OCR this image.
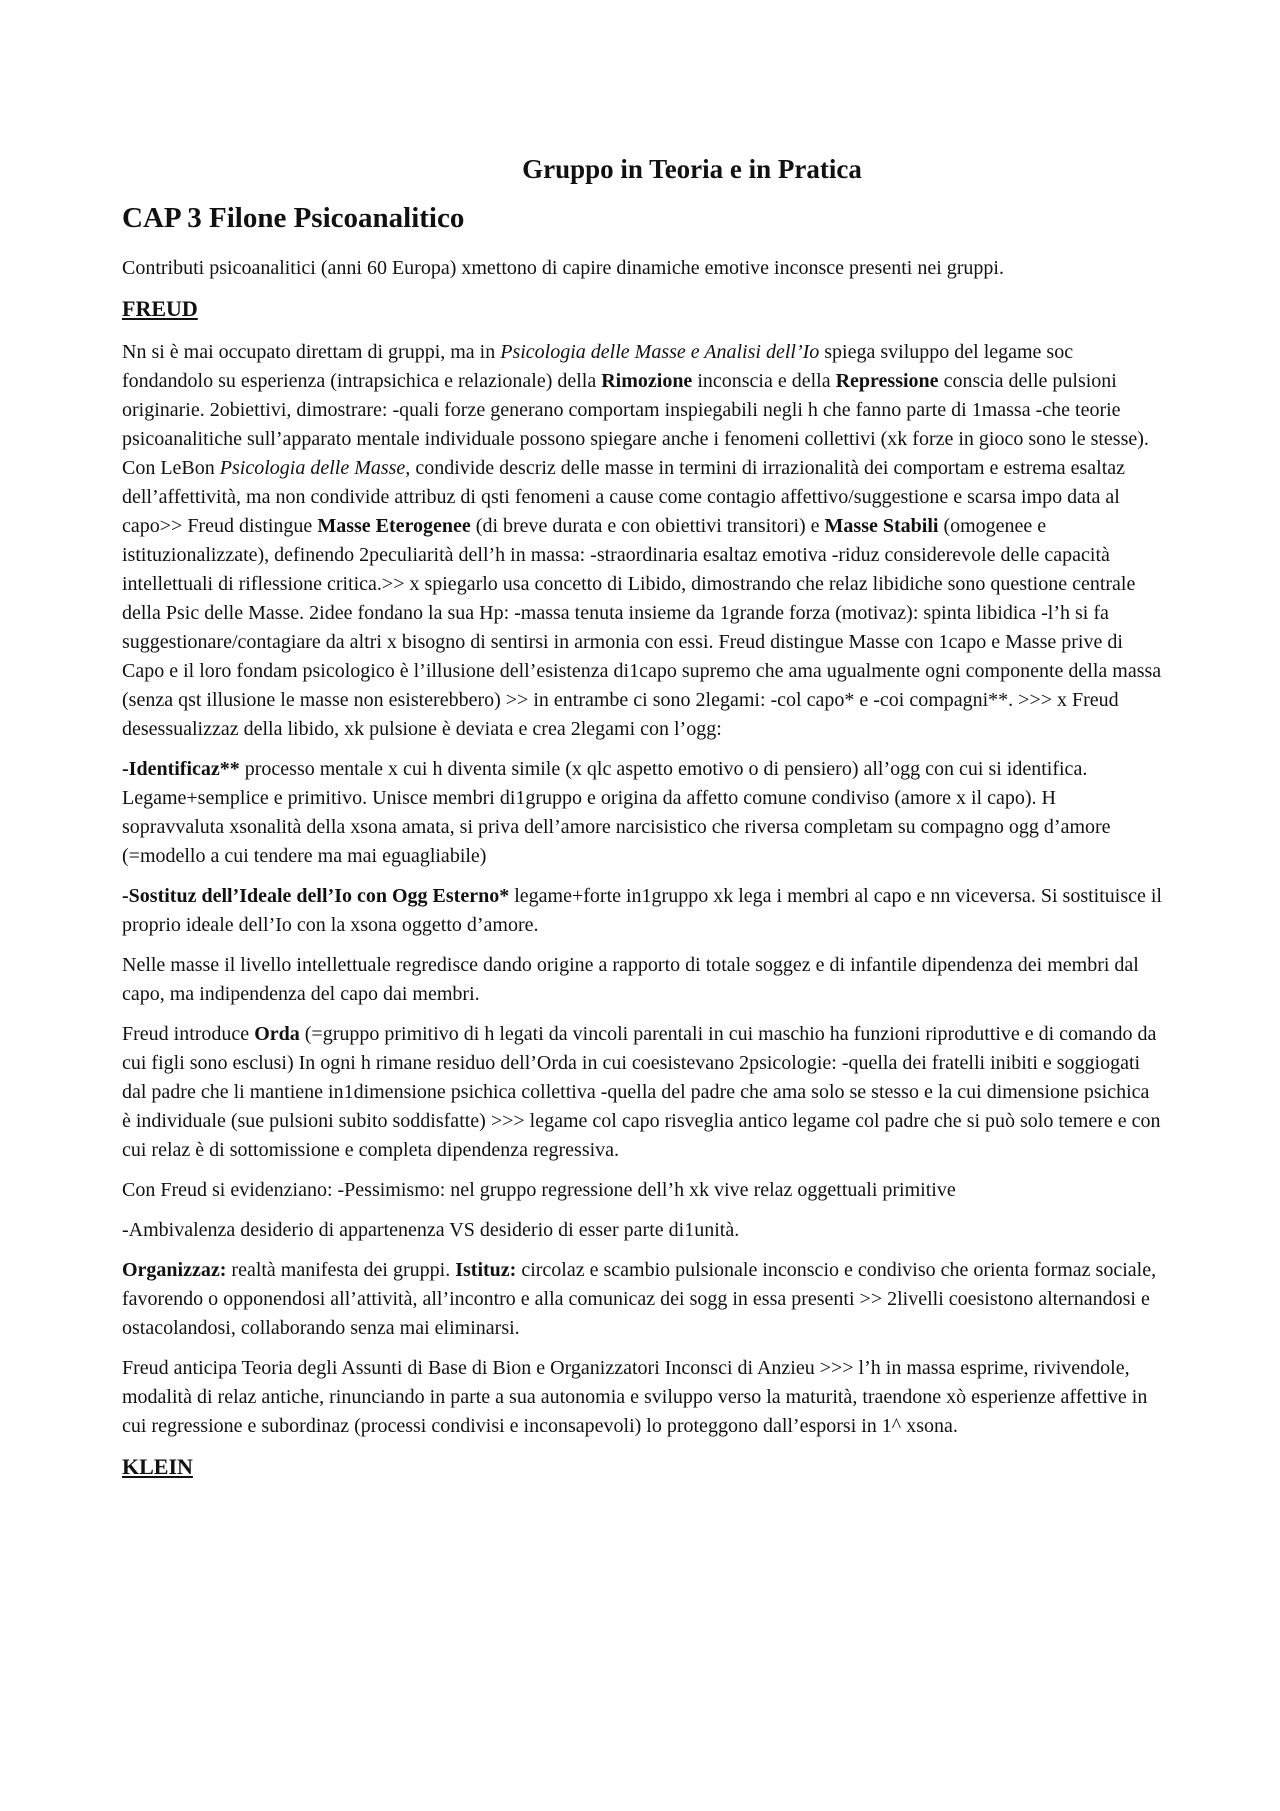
Gruppo in Teoria e in Pratica
CAP 3 Filone Psicoanalitico

Contributi psicoanalitici (anni 60 Europa) xmettono di capire dinamiche emotive inconsce presenti nei gruppi.

FREUD

Nn si è mai occupato direttam di gruppi, ma in Psicologia delle Masse e Analisi dell’Io spiega sviluppo del legame soc fondandolo su esperienza (intrapsichica e relazionale) della Rimozione inconscia e della Repressione conscia delle pulsioni originarie. 2obiettivi, dimostrare: -quali forze generano comportam inspiegabili negli h che fanno parte di 1massa -che teorie psicoanalitiche sull’apparato mentale individuale possono spiegare anche i fenomeni collettivi (xk forze in gioco sono le stesse). Con LeBon Psicologia delle Masse, condivide descriz delle masse in termini di irrazionalità dei comportam e estrema esaltaz dell’affettività, ma non condivide attribuz di qsti fenomeni a cause come contagio affettivo/suggestione e scarsa impo data al capo>> Freud distingue Masse Eterogenee (di breve durata e con obiettivi transitori) e Masse Stabili (omogenee e istituzionalizzate), definendo 2peculiarità dell’h in massa: -straordinaria esaltaz emotiva -riduz considerevole delle capacità intellettuali di riflessione critica.>> x spiegarlo usa concetto di Libido, dimostrando che relaz libidiche sono questione centrale della Psic delle Masse. 2idee fondano la sua Hp: -massa tenuta insieme da 1grande forza (motivaz): spinta libidica -l’h si fa suggestionare/contagiare da altri x bisogno di sentirsi in armonia con essi. Freud distingue Masse con 1capo e Masse prive di Capo e il loro fondam psicologico è l’illusione dell’esistenza di1capo supremo che ama ugualmente ogni componente della massa (senza qst illusione le masse non esisterebbero) >> in entrambe ci sono 2legami: -col capo* e -coi compagni**. >>> x Freud desessualizzaz della libido, xk pulsione è deviata e crea 2legami con l’ogg:

-Identificaz** processo mentale x cui h diventa simile (x qlc aspetto emotivo o di pensiero) all’ogg con cui si identifica. Legame+semplice e primitivo. Unisce membri di1gruppo e origina da affetto comune condiviso (amore x il capo). H sopravvaluta xsonalità della xsona amata, si priva dell’amore narcisistico che riversa completam su compagno ogg d’amore (=modello a cui tendere ma mai eguagliabile)

-Sostituz dell’Ideale dell’Io con Ogg Esterno* legame+forte in1gruppo xk lega i membri al capo e nn viceversa. Si sostituisce il proprio ideale dell’Io con la xsona oggetto d’amore.

Nelle masse il livello intellettuale regredisce dando origine a rapporto di totale soggez e di infantile dipendenza dei membri dal capo, ma indipendenza del capo dai membri.

Freud introduce Orda (=gruppo primitivo di h legati da vincoli parentali in cui maschio ha funzioni riproduttive e di comando da cui figli sono esclusi) In ogni h rimane residuo dell’Orda in cui coesistevano 2psicologie: -quella dei fratelli inibiti e soggiogati dal padre che li mantiene in1dimensione psichica collettiva -quella del padre che ama solo se stesso e la cui dimensione psichica è individuale (sue pulsioni subito soddisfatte) >>> legame col capo risveglia antico legame col padre che si può solo temere e con cui relaz è di sottomissione e completa dipendenza regressiva.

Con Freud si evidenziano: -Pessimismo: nel gruppo regressione dell’h xk vive relaz oggettuali primitive

-Ambivalenza desiderio di appartenenza VS desiderio di esser parte di1unità.

Organizzaz: realtà manifesta dei gruppi. Istituz: circolaz e scambio pulsionale inconscio e condiviso che orienta formaz sociale, favorendo o opponendosi all’attività, all’incontro e alla comunicaz dei sogg in essa presenti >> 2livelli coesistono alternandosi e ostacolandosi, collaborando senza mai eliminarsi.

Freud anticipa Teoria degli Assunti di Base di Bion e Organizzatori Inconsci di Anzieu >>> l’h in massa esprime, rivivendole, modalità di relaz antiche, rinunciando in parte a sua autonomia e sviluppo verso la maturità, traendone xò esperienze affettive in cui regressione e subordinaz (processi condivisi e inconsapevoli) lo proteggono dall’esporsi in 1^ xsona.

KLEIN
